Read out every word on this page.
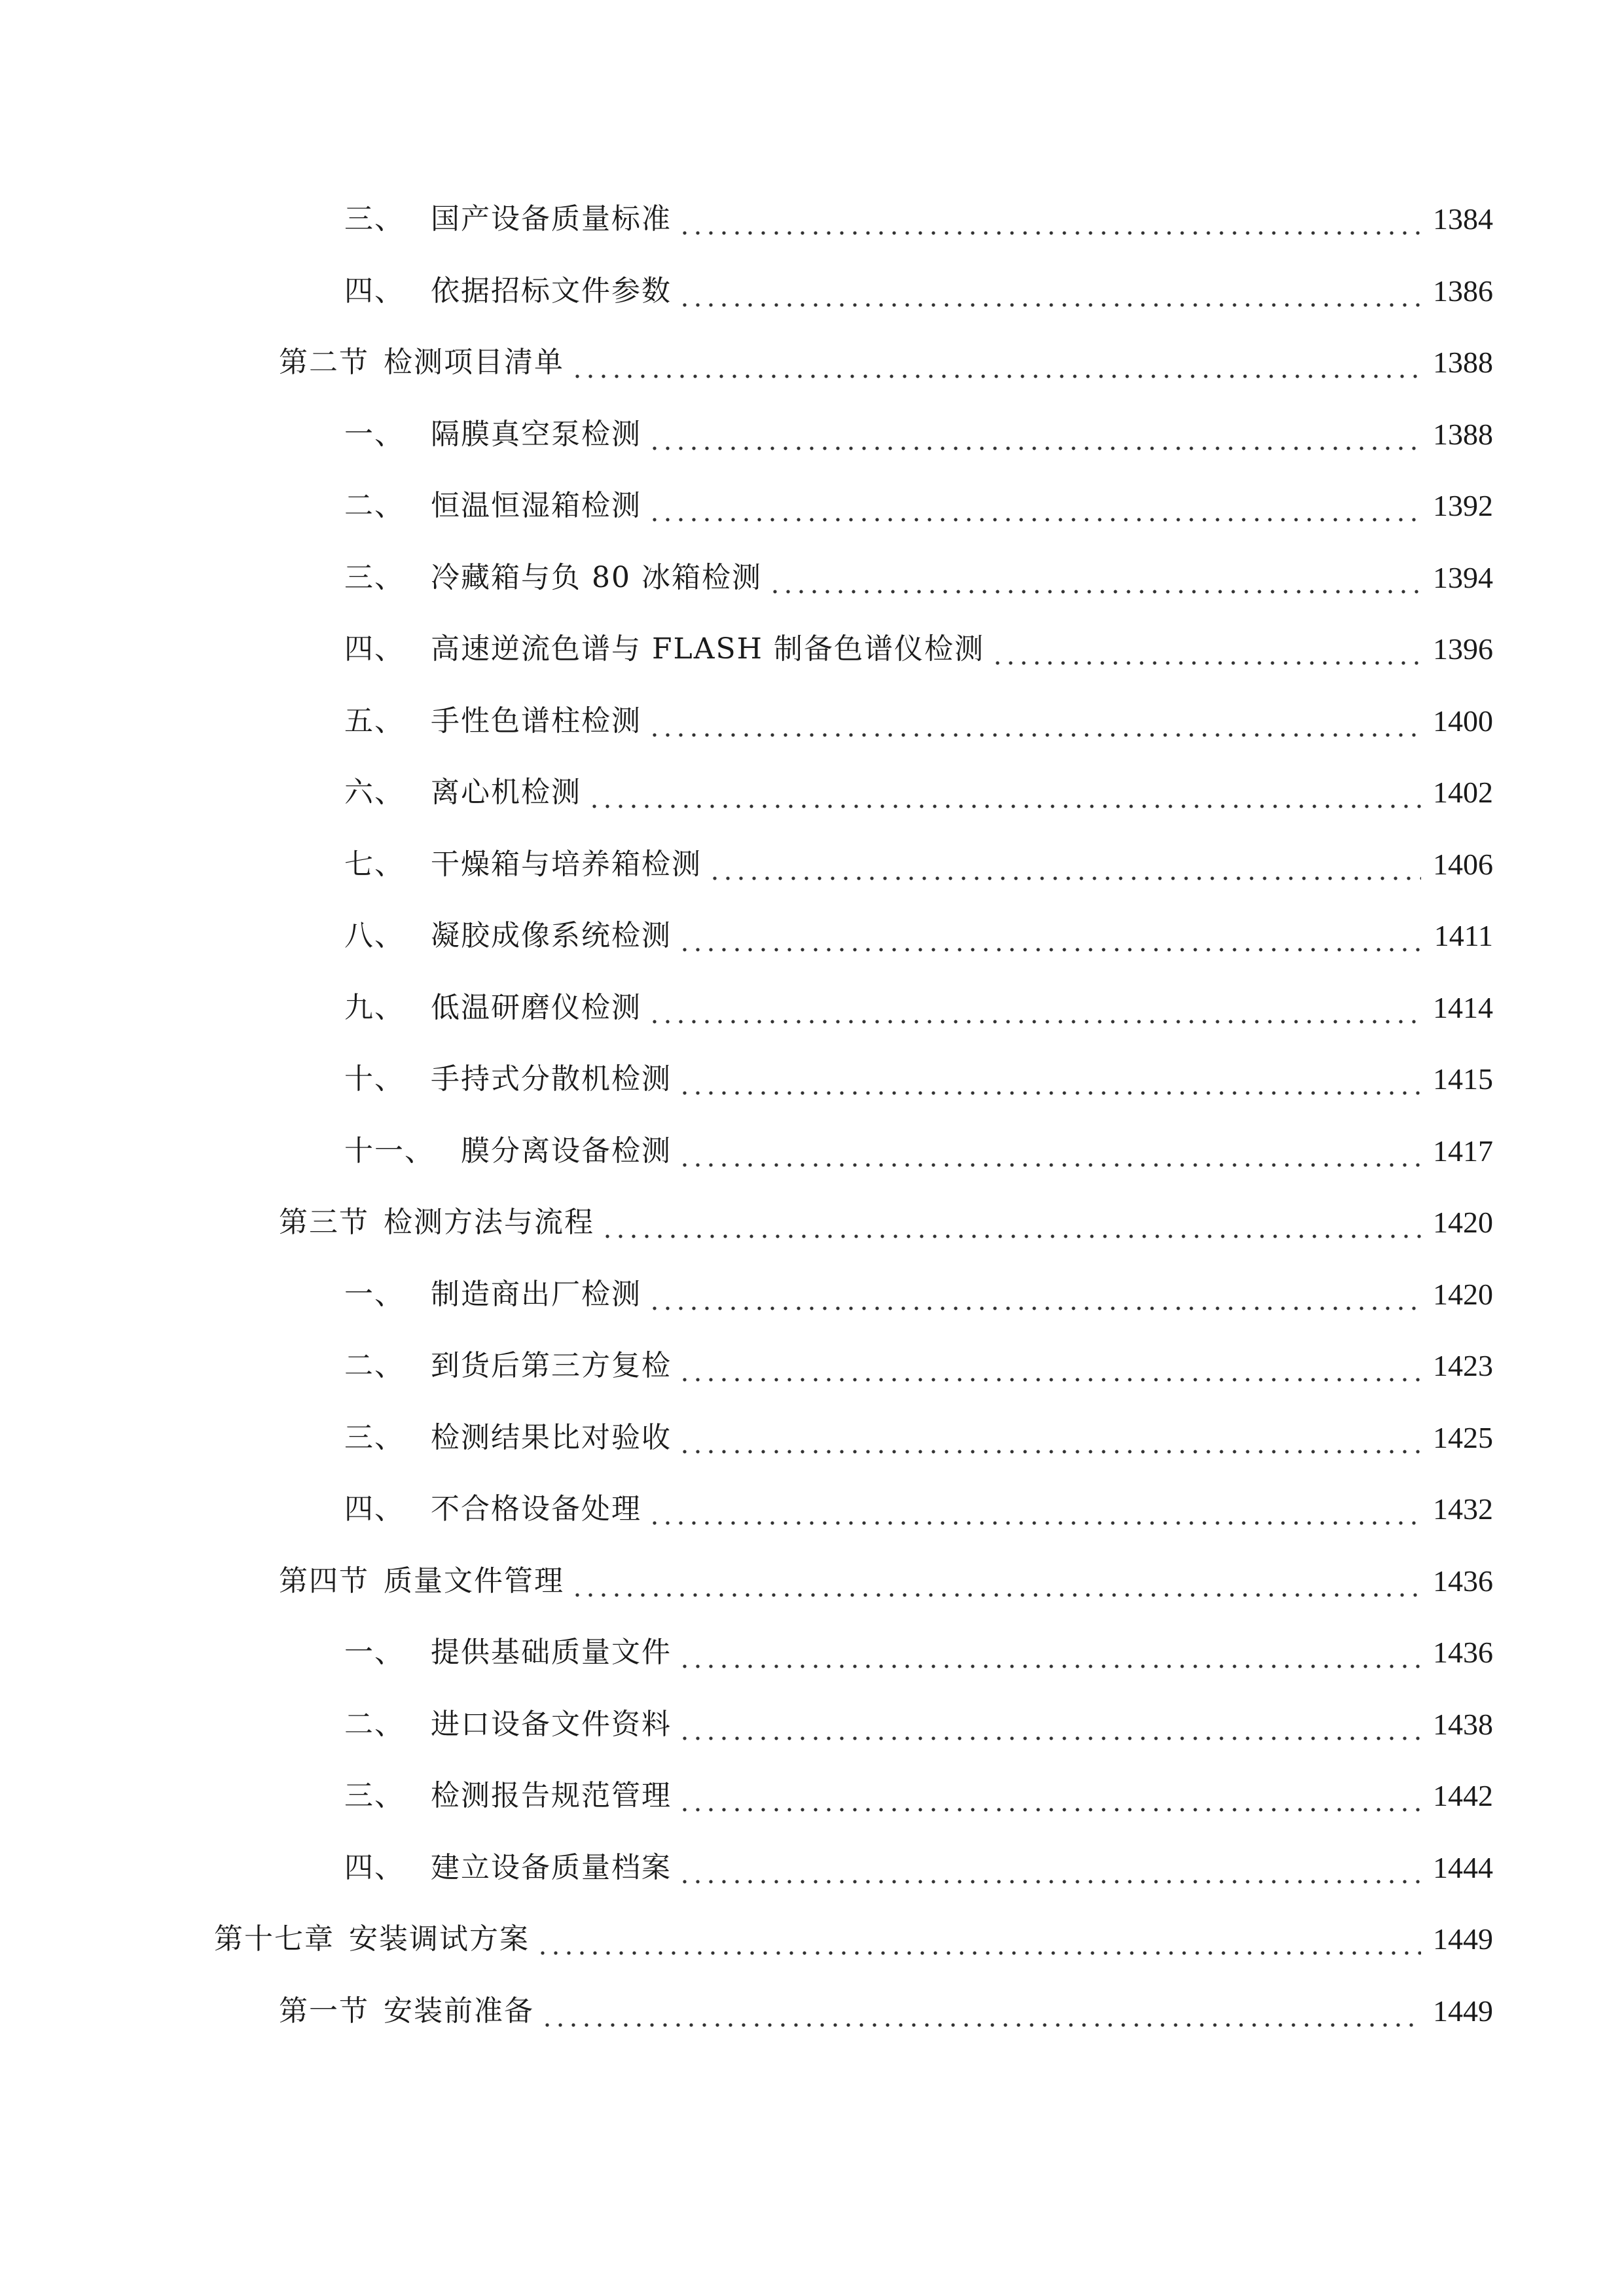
三、 国产设备质量标准	1384
四、 依据招标文件参数	1386
第二节 检测项目清单	1388
一、 隔膜真空泵检测	1388
二、 恒温恒湿箱检测	1392
三、 冷藏箱与负 80 冰箱检测	1394
四、 高速逆流色谱与 FLASH 制备色谱仪检测	1396
五、 手性色谱柱检测	1400
六、 离心机检测	1402
七、 干燥箱与培养箱检测	1406
八、 凝胶成像系统检测	1411
九、 低温研磨仪检测	1414
十、 手持式分散机检测	1415
十一、 膜分离设备检测	1417
第三节 检测方法与流程	1420
一、 制造商出厂检测	1420
二、 到货后第三方复检	1423
三、 检测结果比对验收	1425
四、 不合格设备处理	1432
第四节 质量文件管理	1436
一、 提供基础质量文件	1436
二、 进口设备文件资料	1438
三、 检测报告规范管理	1442
四、 建立设备质量档案	1444
第十七章 安装调试方案	1449
第一节 安装前准备	1449
